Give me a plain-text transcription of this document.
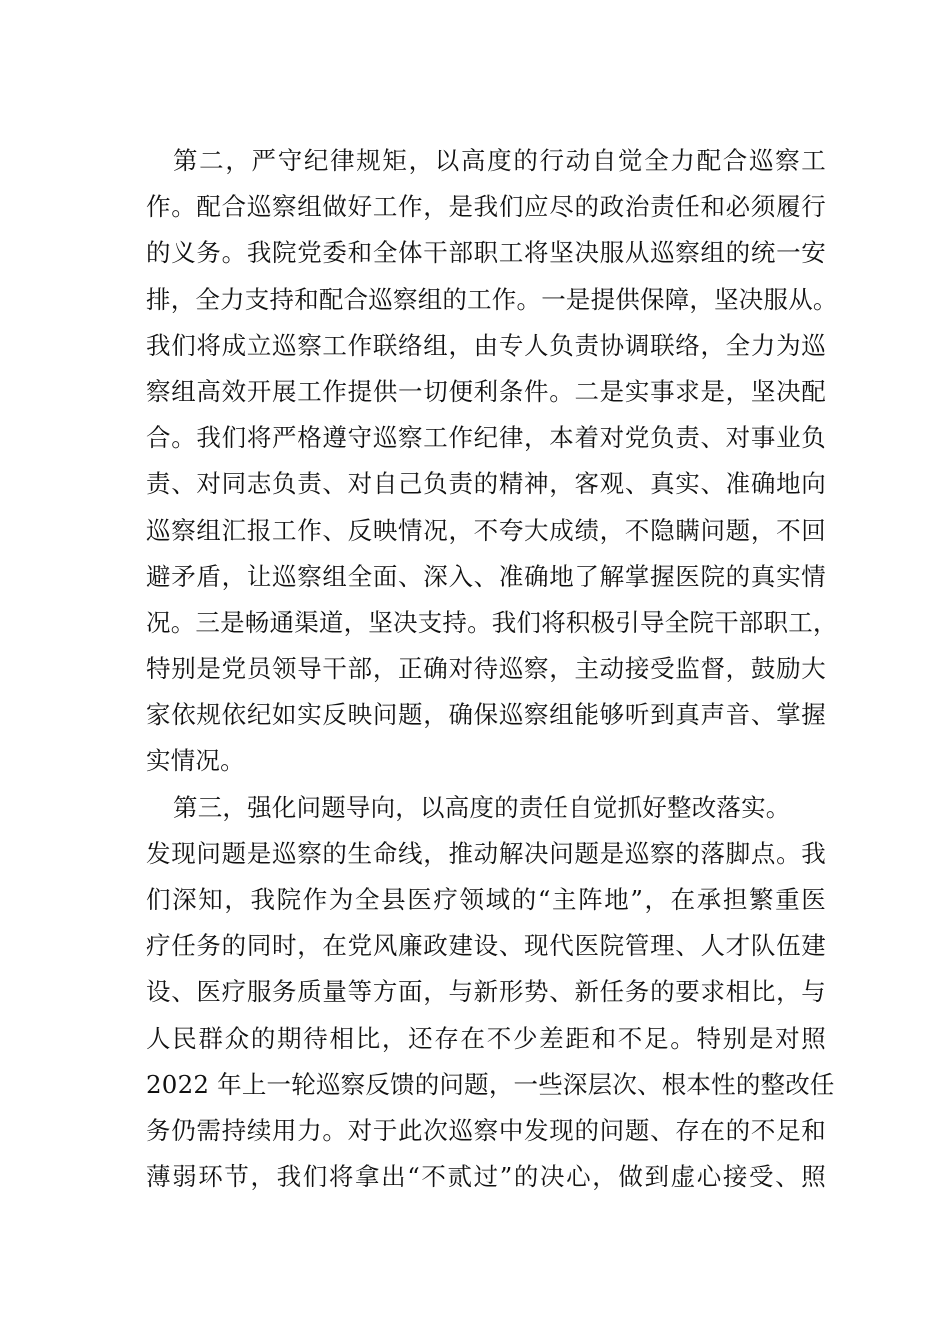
第二，严守纪律规矩，以高度的行动自觉全力配合巡察工
作。配合巡察组做好工作，是我们应尽的政治责任和必须履行
的义务。我院党委和全体干部职工将坚决服从巡察组的统一安
排，全力支持和配合巡察组的工作。一是提供保障，坚决服从。
我们将成立巡察工作联络组，由专人负责协调联络，全力为巡
察组高效开展工作提供一切便利条件。二是实事求是，坚决配
合。我们将严格遵守巡察工作纪律，本着对党负责、对事业负
责、对同志负责、对自己负责的精神，客观、真实、准确地向
巡察组汇报工作、反映情况，不夸大成绩，不隐瞒问题，不回
避矛盾，让巡察组全面、深入、准确地了解掌握医院的真实情
况。三是畅通渠道，坚决支持。我们将积极引导全院干部职工，
特别是党员领导干部，正确对待巡察，主动接受监督，鼓励大
家依规依纪如实反映问题，确保巡察组能够听到真声音、掌握
实情况。
第三，强化问题导向，以高度的责任自觉抓好整改落实。
发现问题是巡察的生命线，推动解决问题是巡察的落脚点。我
们深知，我院作为全县医疗领域的“主阵地”，在承担繁重医
疗任务的同时，在党风廉政建设、现代医院管理、人才队伍建
设、医疗服务质量等方面，与新形势、新任务的要求相比，与
人民群众的期待相比，还存在不少差距和不足。特别是对照
2022 年上一轮巡察反馈的问题，一些深层次、根本性的整改任
务仍需持续用力。对于此次巡察中发现的问题、存在的不足和
薄弱环节，我们将拿出“不贰过”的决心，做到虚心接受、照
